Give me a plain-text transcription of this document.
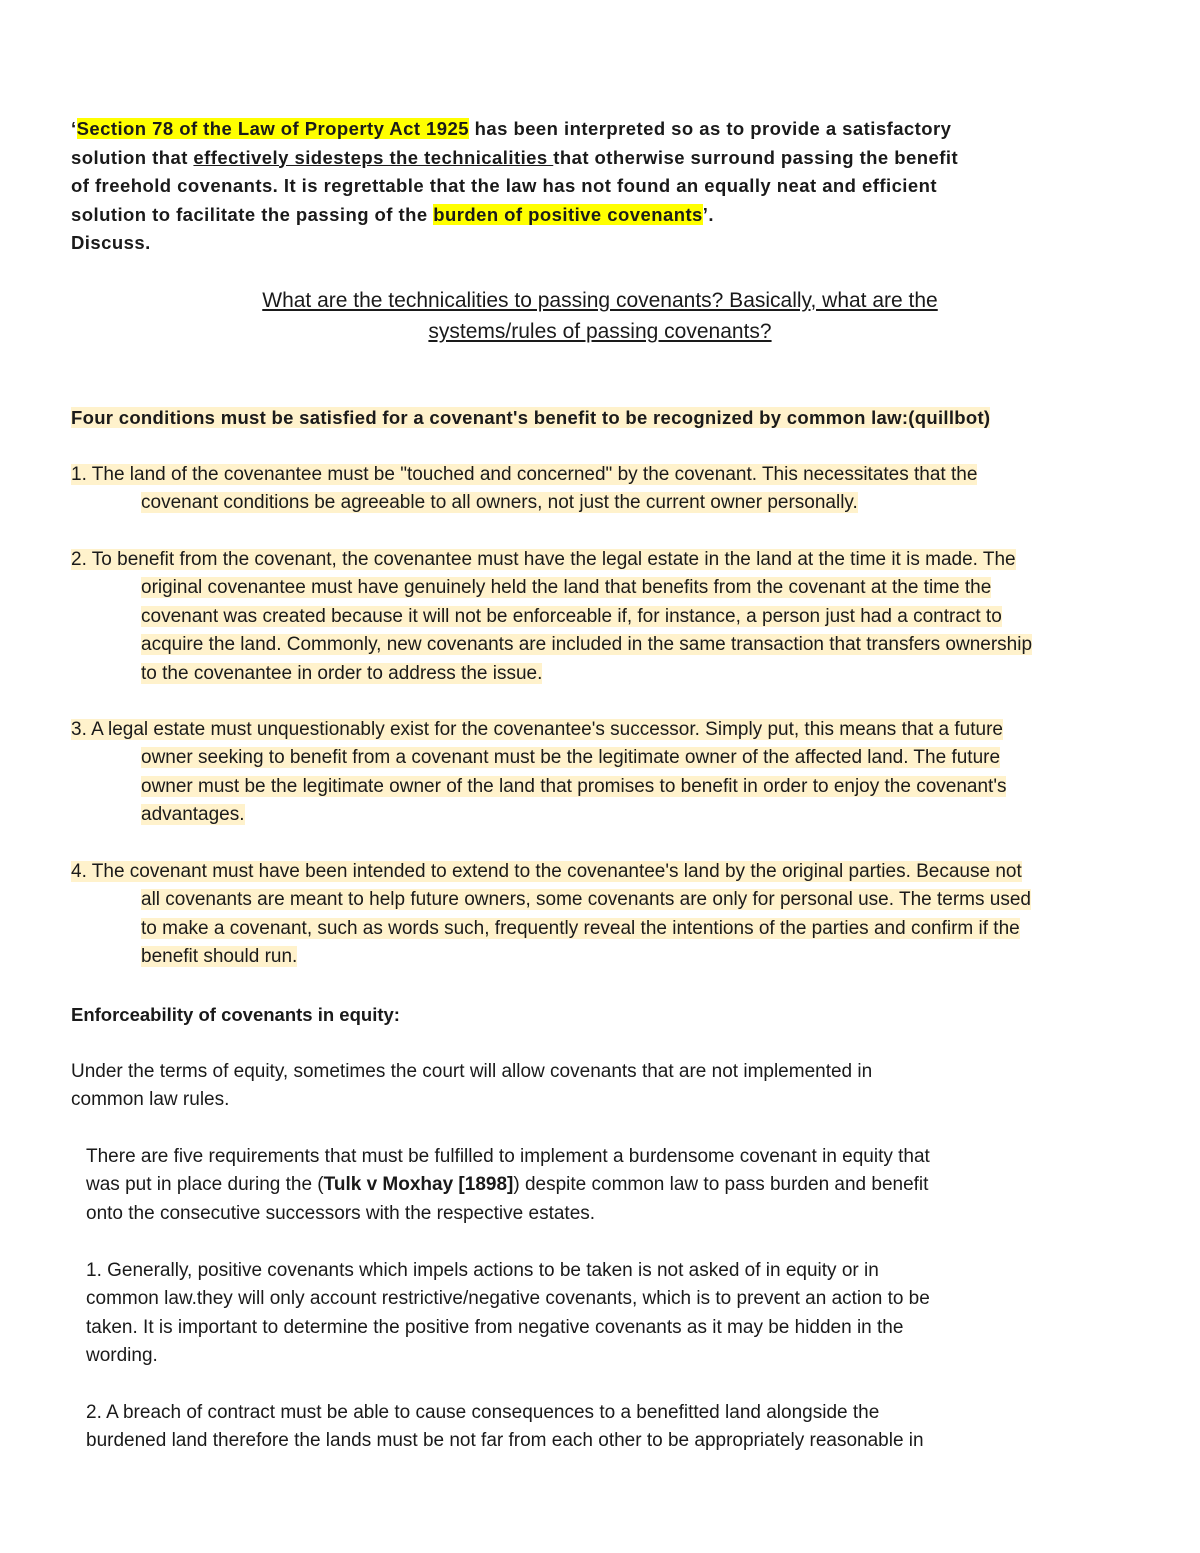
‘Section 78 of the Law of Property Act 1925 has been interpreted so as to provide a satisfactory
solution that effectively sidesteps the technicalities that otherwise surround passing the benefit
of freehold covenants. It is regrettable that the law has not found an equally neat and efficient
solution to facilitate the passing of the burden of positive covenants’.
Discuss.
What are the technicalities to passing covenants? Basically, what are the
systems/rules of passing covenants?
Four conditions must be satisfied for a covenant's benefit to be recognized by common law:(quillbot)
1. The land of the covenantee must be "touched and concerned" by the covenant. This necessitates that the
covenant conditions be agreeable to all owners, not just the current owner personally.
2. To benefit from the covenant, the covenantee must have the legal estate in the land at the time it is made. The
original covenantee must have genuinely held the land that benefits from the covenant at the time the
covenant was created because it will not be enforceable if, for instance, a person just had a contract to
acquire the land. Commonly, new covenants are included in the same transaction that transfers ownership
to the covenantee in order to address the issue.
3. A legal estate must unquestionably exist for the covenantee's successor. Simply put, this means that a future
owner seeking to benefit from a covenant must be the legitimate owner of the affected land. The future
owner must be the legitimate owner of the land that promises to benefit in order to enjoy the covenant's
advantages.
4. The covenant must have been intended to extend to the covenantee's land by the original parties. Because not
all covenants are meant to help future owners, some covenants are only for personal use. The terms used
to make a covenant, such as words such, frequently reveal the intentions of the parties and confirm if the
benefit should run.
Enforceability of covenants in equity:
Under the terms of equity, sometimes the court will allow covenants that are not implemented in
common law rules.
There are five requirements that must be fulfilled to implement a burdensome covenant in equity that
was put in place during the (Tulk v Moxhay [1898]) despite common law to pass burden and benefit
onto the consecutive successors with the respective estates.
1. Generally, positive covenants which impels actions to be taken is not asked of in equity or in
common law.they will only account restrictive/negative covenants, which is to prevent an action to be
taken. It is important to determine the positive from negative covenants as it may be hidden in the
wording.
2. A breach of contract must be able to cause consequences to a benefitted land alongside the
burdened land therefore the lands must be not far from each other to be appropriately reasonable in
